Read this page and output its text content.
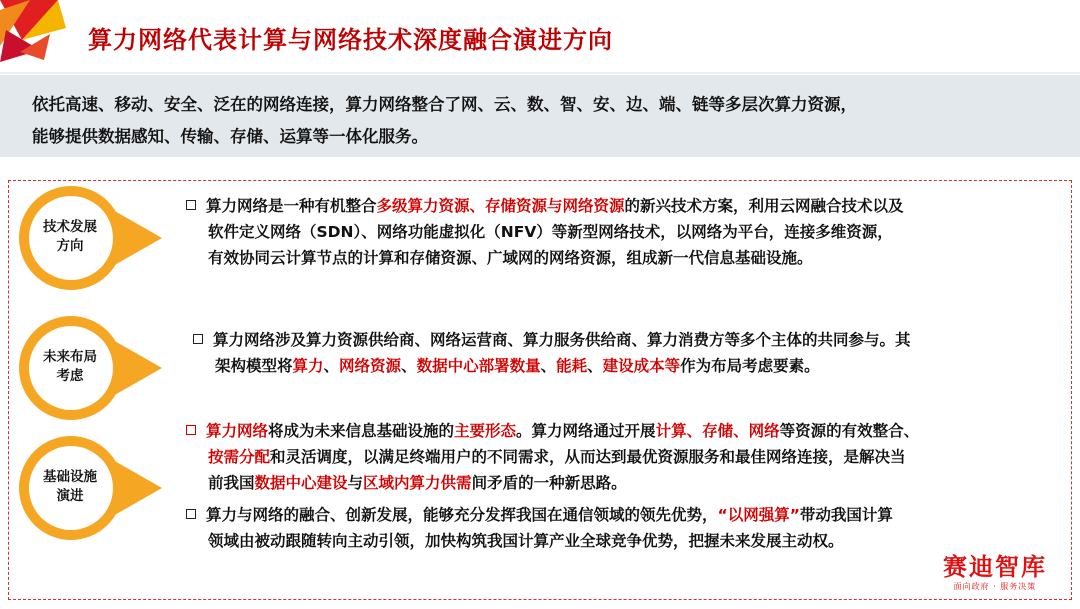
算力网络代表计算与网络技术深度融合演进方向
依托高速、移动、安全、泛在的网络连接，算力网络整合了网、云、数、智、安、边、端、链等多层次算力资源，
能够提供数据感知、传输、存储、运算等一体化服务。
技术发展
方向
未来布局
考虑
基础设施
演进
算力网络是一种有机整合多级算力资源、存储资源与网络资源的新兴技术方案，利用云网融合技术以及
软件定义网络（SDN）、网络功能虚拟化（NFV）等新型网络技术，以网络为平台，连接多维资源，
有效协同云计算节点的计算和存储资源、广域网的网络资源，组成新一代信息基础设施。
算力网络涉及算力资源供给商、网络运营商、算力服务供给商、算力消费方等多个主体的共同参与。其
架构模型将算力、网络资源、数据中心部署数量、能耗、建设成本等作为布局考虑要素。
算力网络将成为未来信息基础设施的主要形态。算力网络通过开展计算、存储、网络等资源的有效整合、
按需分配和灵活调度，以满足终端用户的不同需求，从而达到最优资源服务和最佳网络连接，是解决当
前我国数据中心建设与区域内算力供需间矛盾的一种新思路。
算力与网络的融合、创新发展，能够充分发挥我国在通信领域的领先优势，“以网强算”带动我国计算
领域由被动跟随转向主动引领，加快构筑我国计算产业全球竞争优势，把握未来发展主动权。
赛迪智库
面向政府 · 服务决策
